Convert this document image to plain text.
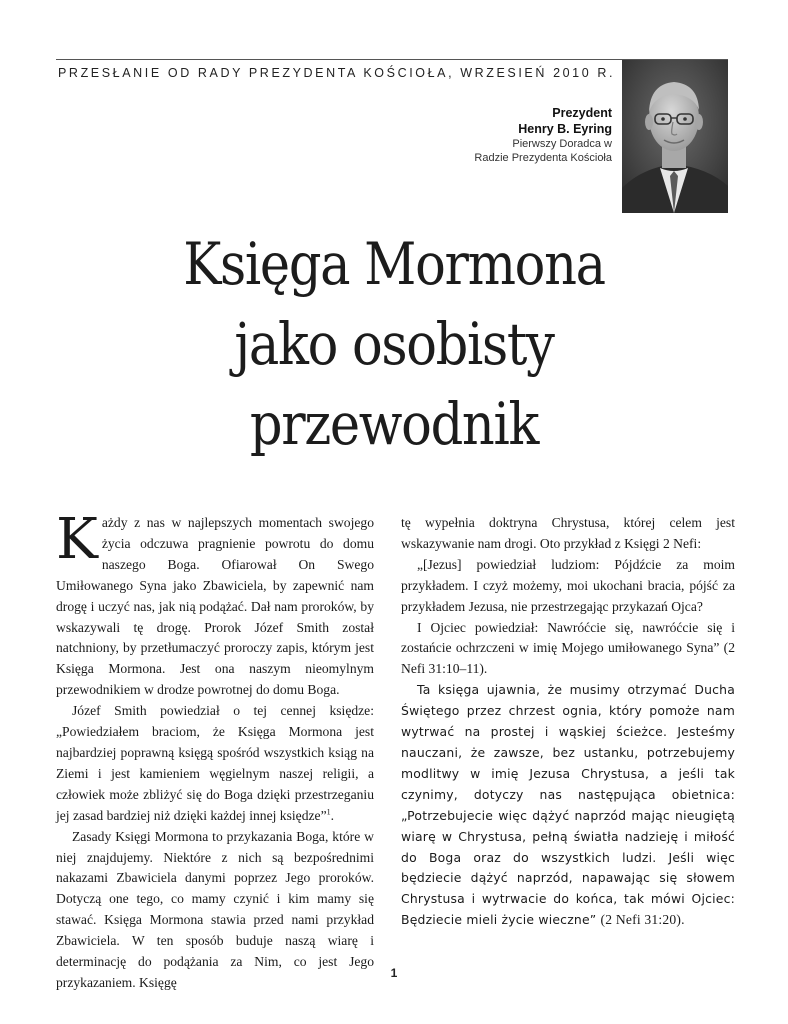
PRZESŁANIE OD RADY PREZYDENTA KOŚCIOŁA, WRZESIEŃ 2010 R.
Prezydent
Henry B. Eyring
Pierwszy Doradca w
Radzie Prezydenta Kościoła
Księga Mormona
jako osobisty
przewodnik

Każdy z nas w najlepszych momentach swojego życia odczuwa pragnienie powrotu do domu naszego Boga. Ofiarował On Swego Umiłowanego Syna jako Zbawiciela, by zapewnić nam drogę i uczyć nas, jak nią podążać. Dał nam proroków, by wskazywali tę drogę. Prorok Józef Smith został natchniony, by przetłumaczyć proroczy zapis, którym jest Księga Mormona. Jest ona naszym nieomylnym przewodnikiem w drodze powrotnej do domu Boga.

Józef Smith powiedział o tej cennej księdze: „Powiedziałem braciom, że Księga Mormona jest najbardziej poprawną księgą spośród wszystkich ksiąg na Ziemi i jest kamieniem węgielnym naszej religii, a człowiek może zbliżyć się do Boga dzięki przestrzeganiu jej zasad bardziej niż dzięki każdej innej księdze”$^1$.

Zasady Księgi Mormona to przykazania Boga, które w niej znajdujemy. Niektóre z nich są bezpośrednimi nakazami Zbawiciela danymi poprzez Jego proroków. Dotyczą one tego, co mamy czynić i kim mamy się stawać. Księga Mormona stawia przed nami przykład Zbawiciela. W ten sposób buduje naszą wiarę i determinację do podążania za Nim, co jest Jego przykazaniem. Księgę

tę wypełnia doktryna Chrystusa, której celem jest wskazywanie nam drogi. Oto przykład z Księgi 2 Nefi:

„[Jezus] powiedział ludziom: Pójdźcie za moim przykładem. I czyż możemy, moi ukochani bracia, pójść za przykładem Jezusa, nie przestrzegając przykazań Ojca?

I Ojciec powiedział: Nawróćcie się, nawróćcie się i zostańcie ochrzczeni w imię Mojego umiłowanego Syna” (2 Nefi 31:10–11).

Ta księga ujawnia, że musimy otrzymać Ducha Świętego przez chrzest ognia, który pomoże nam wytrwać na prostej i wąskiej ścieżce. Jesteśmy nauczani, że zawsze, bez ustanku, potrzebujemy modlitwy w imię Jezusa Chrystusa, a jeśli tak czynimy, dotyczy nas następująca obietnica: „Potrzebujecie więc dążyć naprzód mając nieugiętą wiarę w Chrystusa, pełną światła nadzieję i miłość do Boga oraz do wszystkich ludzi. Jeśli więc będziecie dążyć naprzód, napawając się słowem Chrystusa i wytrwacie do końca, tak mówi Ojciec: Będziecie mieli życie wieczne” (2 Nefi 31:20).

1
